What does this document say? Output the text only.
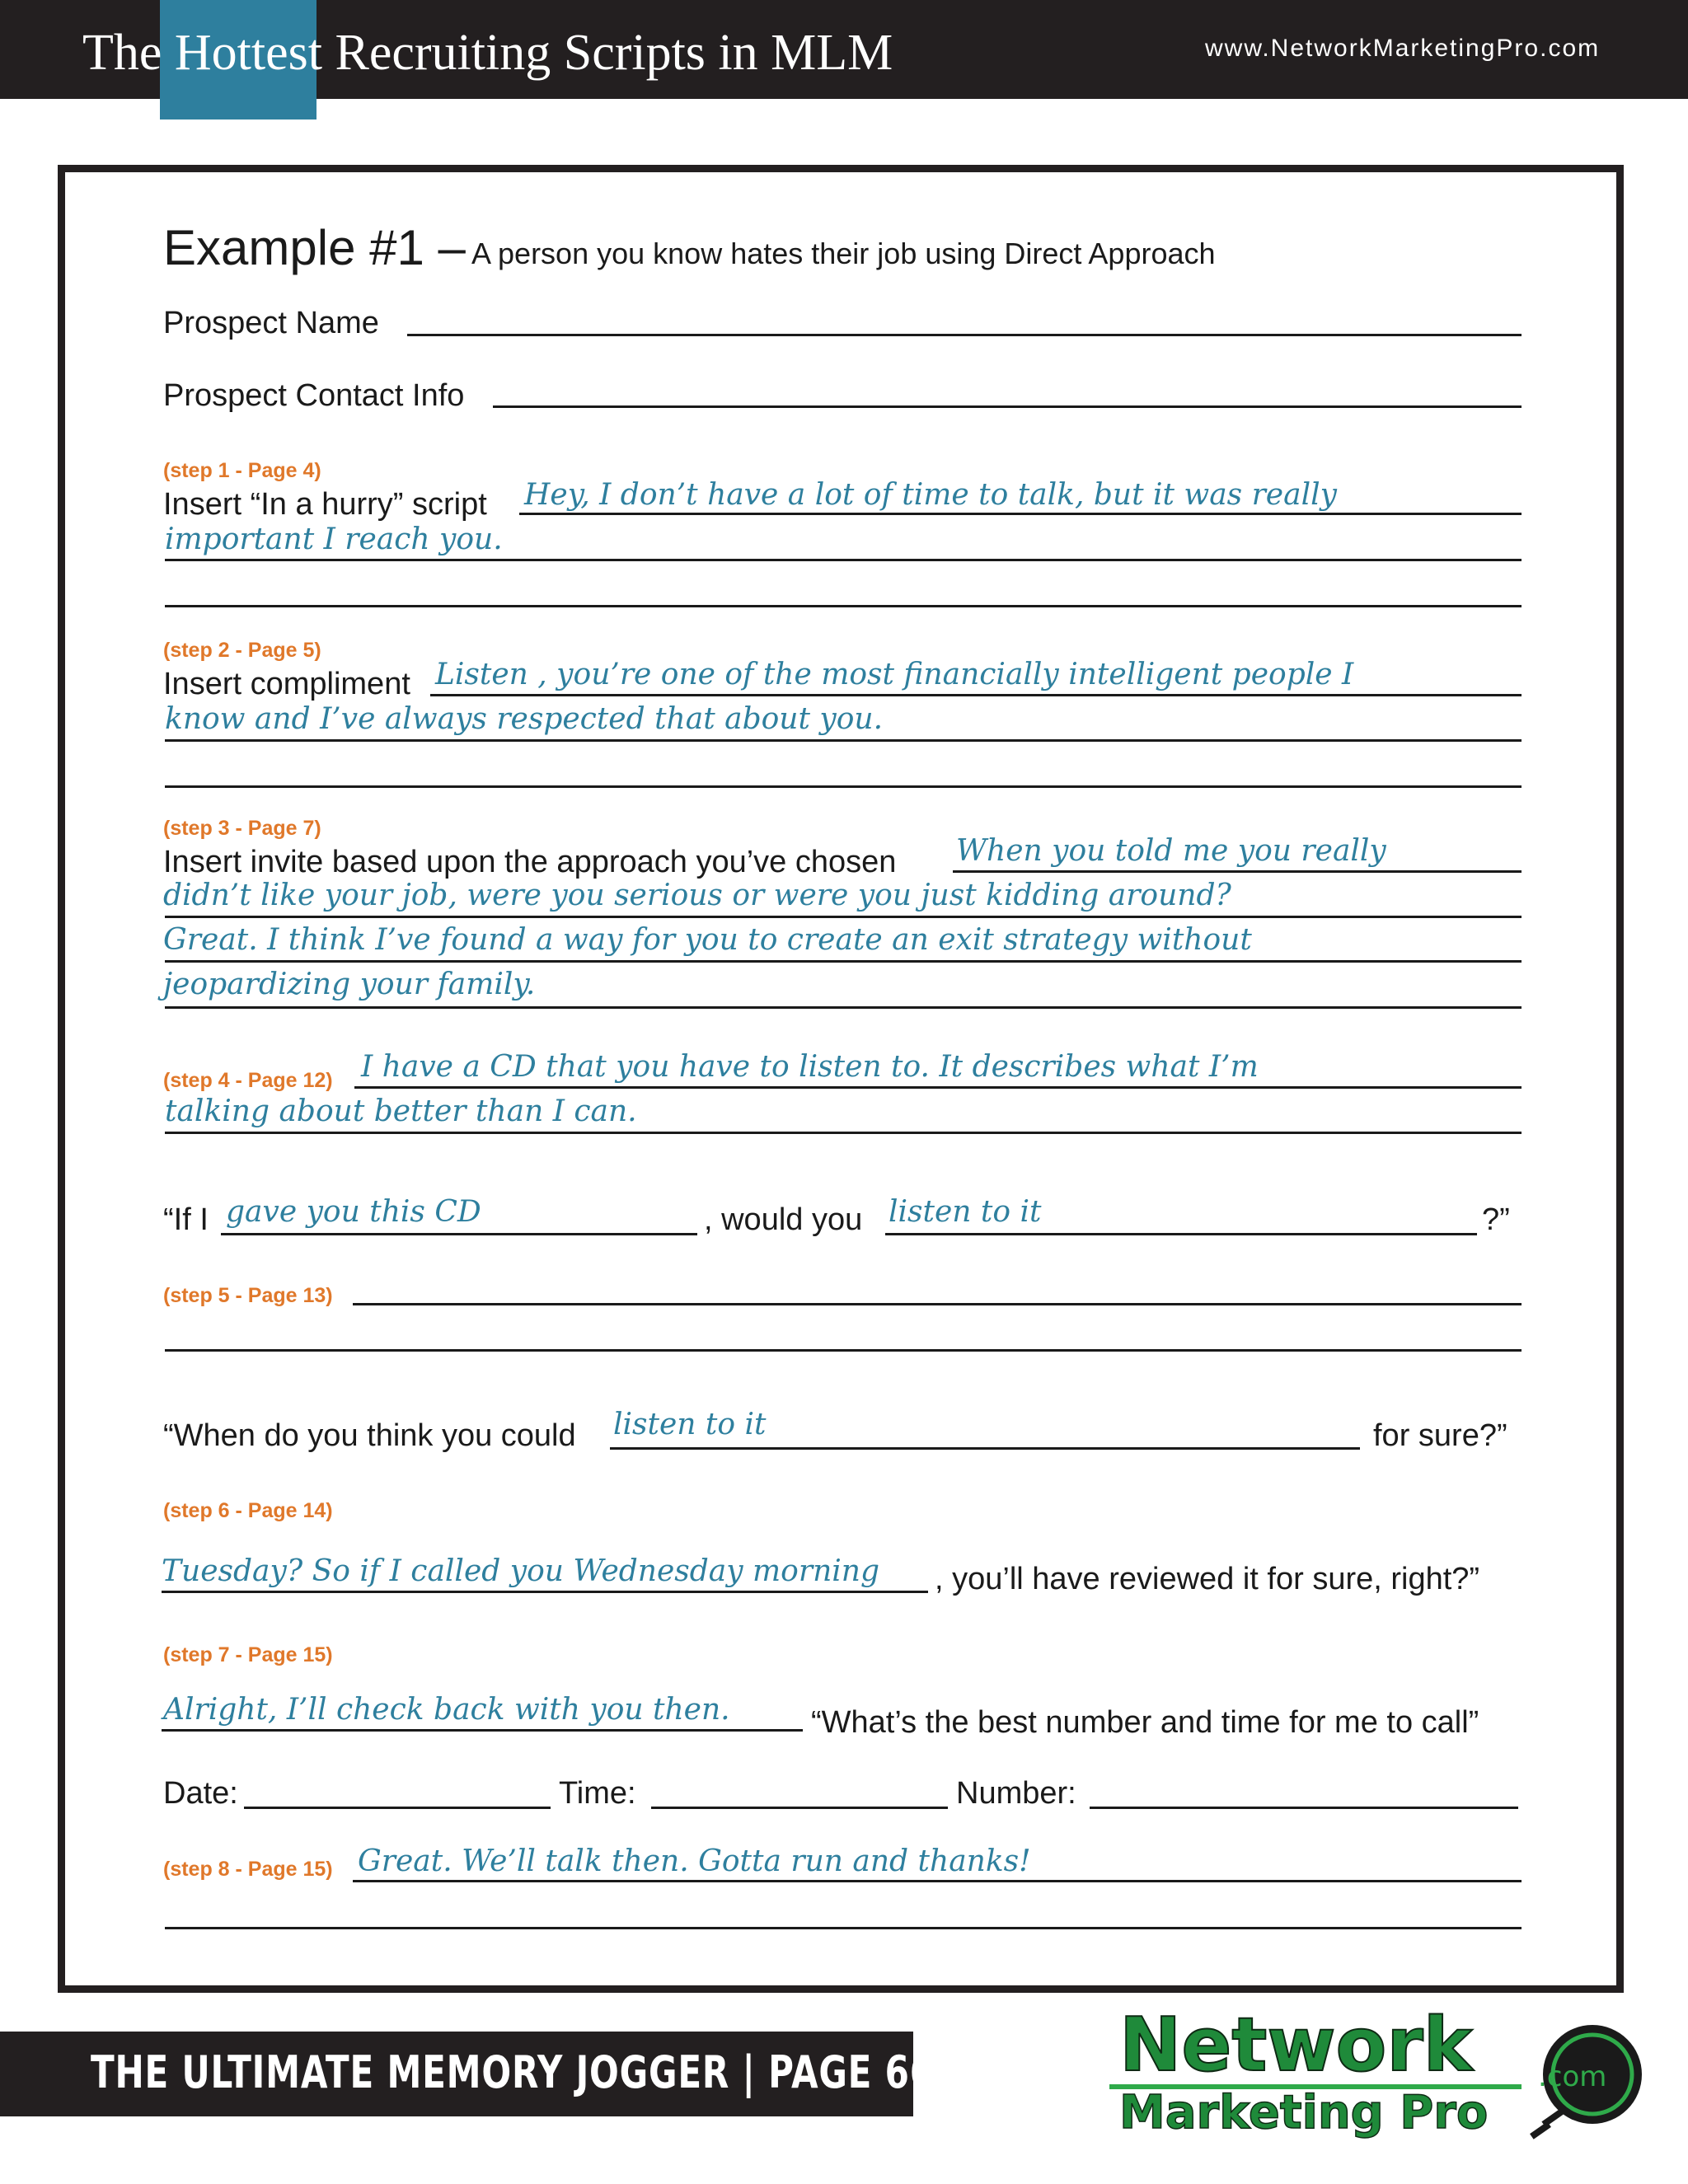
The Hottest Recruiting Scripts in MLM	www.NetworkMarketingPro.com
Example #1 – A person you know hates their job using Direct Approach
Prospect Name
Prospect Contact Info
(step 1 - Page 4)
Insert “In a hurry” script Hey, I don’t have a lot of time to talk, but it was really
important I reach you.
(step 2 - Page 5)
Insert compliment Listen , you’re one of the most financially intelligent people I
know and I’ve always respected that about you.
(step 3 - Page 7)
Insert invite based upon the approach you’ve chosen When you told me you really
didn’t like your job, were you serious or were you just kidding around?
Great. I think I’ve found a way for you to create an exit strategy without
jeopardizing your family.
(step 4 - Page 12) I have a CD that you have to listen to. It describes what I’m
talking about better than I can.
“If I gave you this CD	, would you listen to it	?”
(step 5 - Page 13)
“When do you think you could listen to it	for sure?”
(step 6 - Page 14)
Tuesday? So if I called you Wednesday morning , you’ll have reviewed it for sure, right?”
(step 7 - Page 15)
Alright, I’ll check back with you then.	“What’s the best number and time for me to call”
Date:	Time:	Number:
(step 8 - Page 15) Great. We’ll talk then. Gotta run and thanks!
THE ULTIMATE MEMORY JOGGER | PAGE 66 Network
Marketing Pro
.com
